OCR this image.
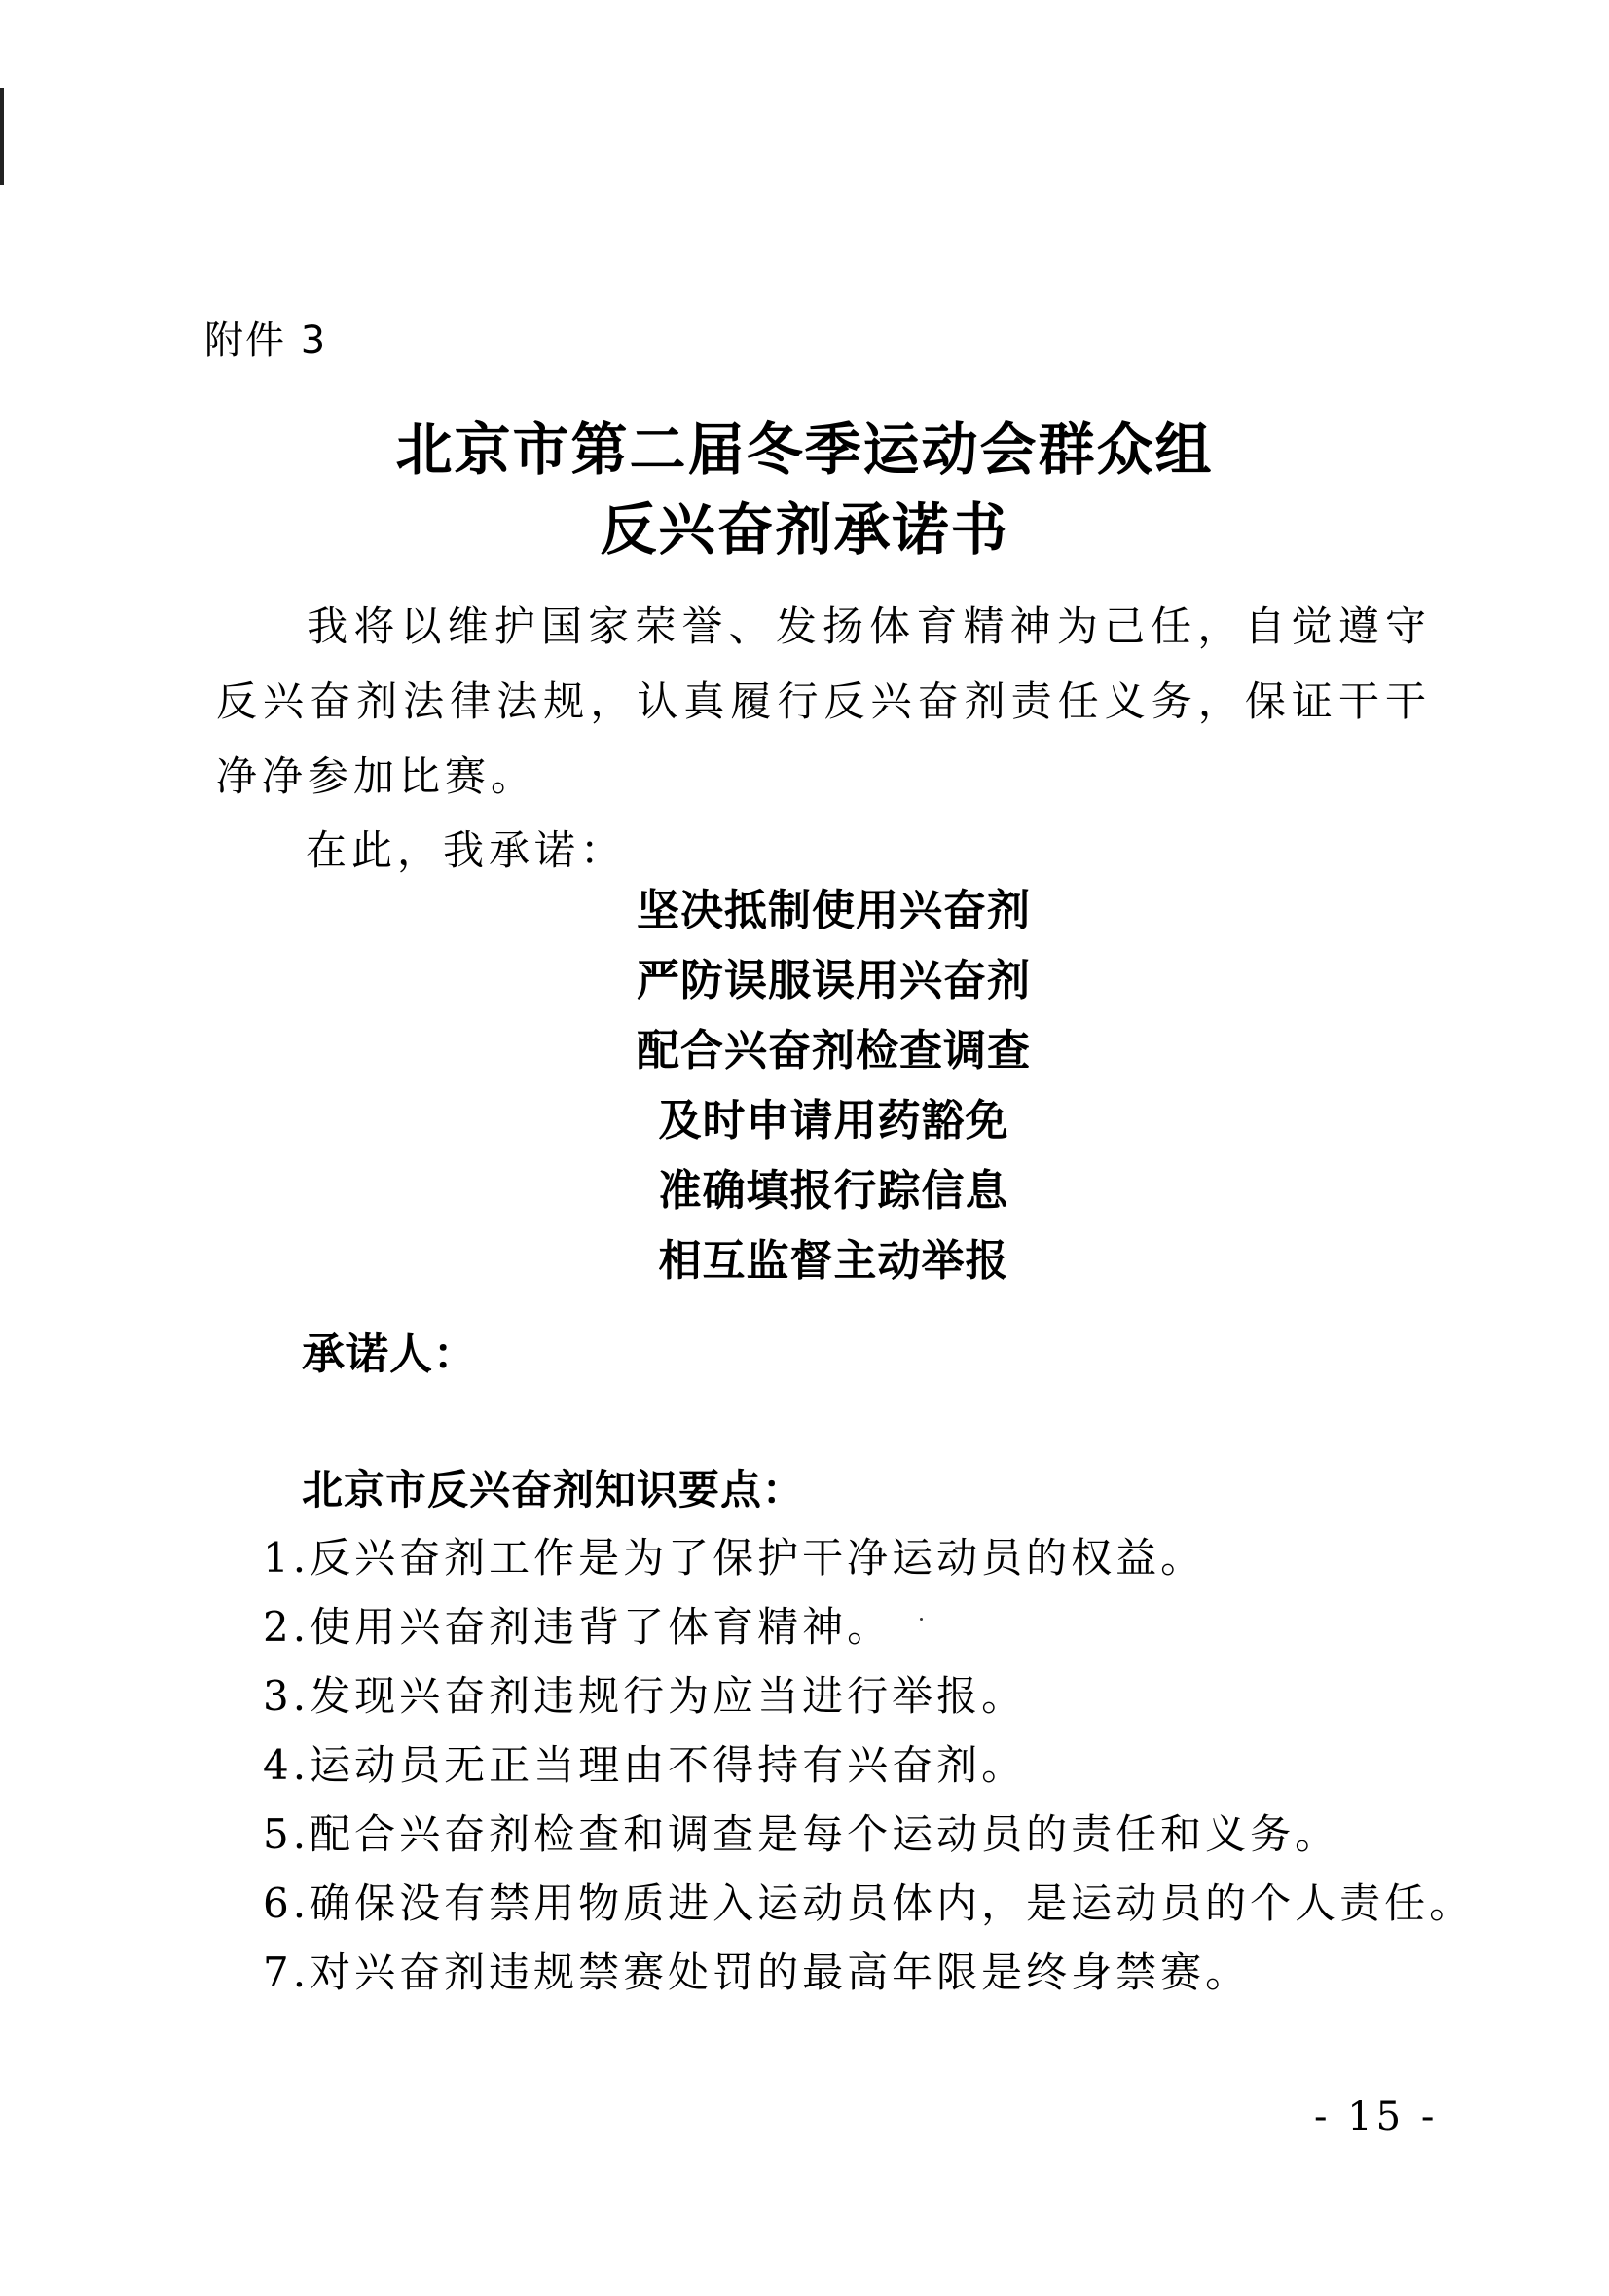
附件 3
北京市第二届冬季运动会群众组
反兴奋剂承诺书
我将以维护国家荣誉、发扬体育精神为己任，自觉遵守反兴奋剂法律法规，认真履行反兴奋剂责任义务，保证干干净净参加比赛。
在此，我承诺：
坚决抵制使用兴奋剂
严防误服误用兴奋剂
配合兴奋剂检查调查
及时申请用药豁免
准确填报行踪信息
相互监督主动举报
承诺人：
北京市反兴奋剂知识要点：
1.反兴奋剂工作是为了保护干净运动员的权益。
2.使用兴奋剂违背了体育精神。
3.发现兴奋剂违规行为应当进行举报。
4.运动员无正当理由不得持有兴奋剂。
5.配合兴奋剂检查和调查是每个运动员的责任和义务。
6.确保没有禁用物质进入运动员体内，是运动员的个人责任。
7.对兴奋剂违规禁赛处罚的最高年限是终身禁赛。
- 15 -
